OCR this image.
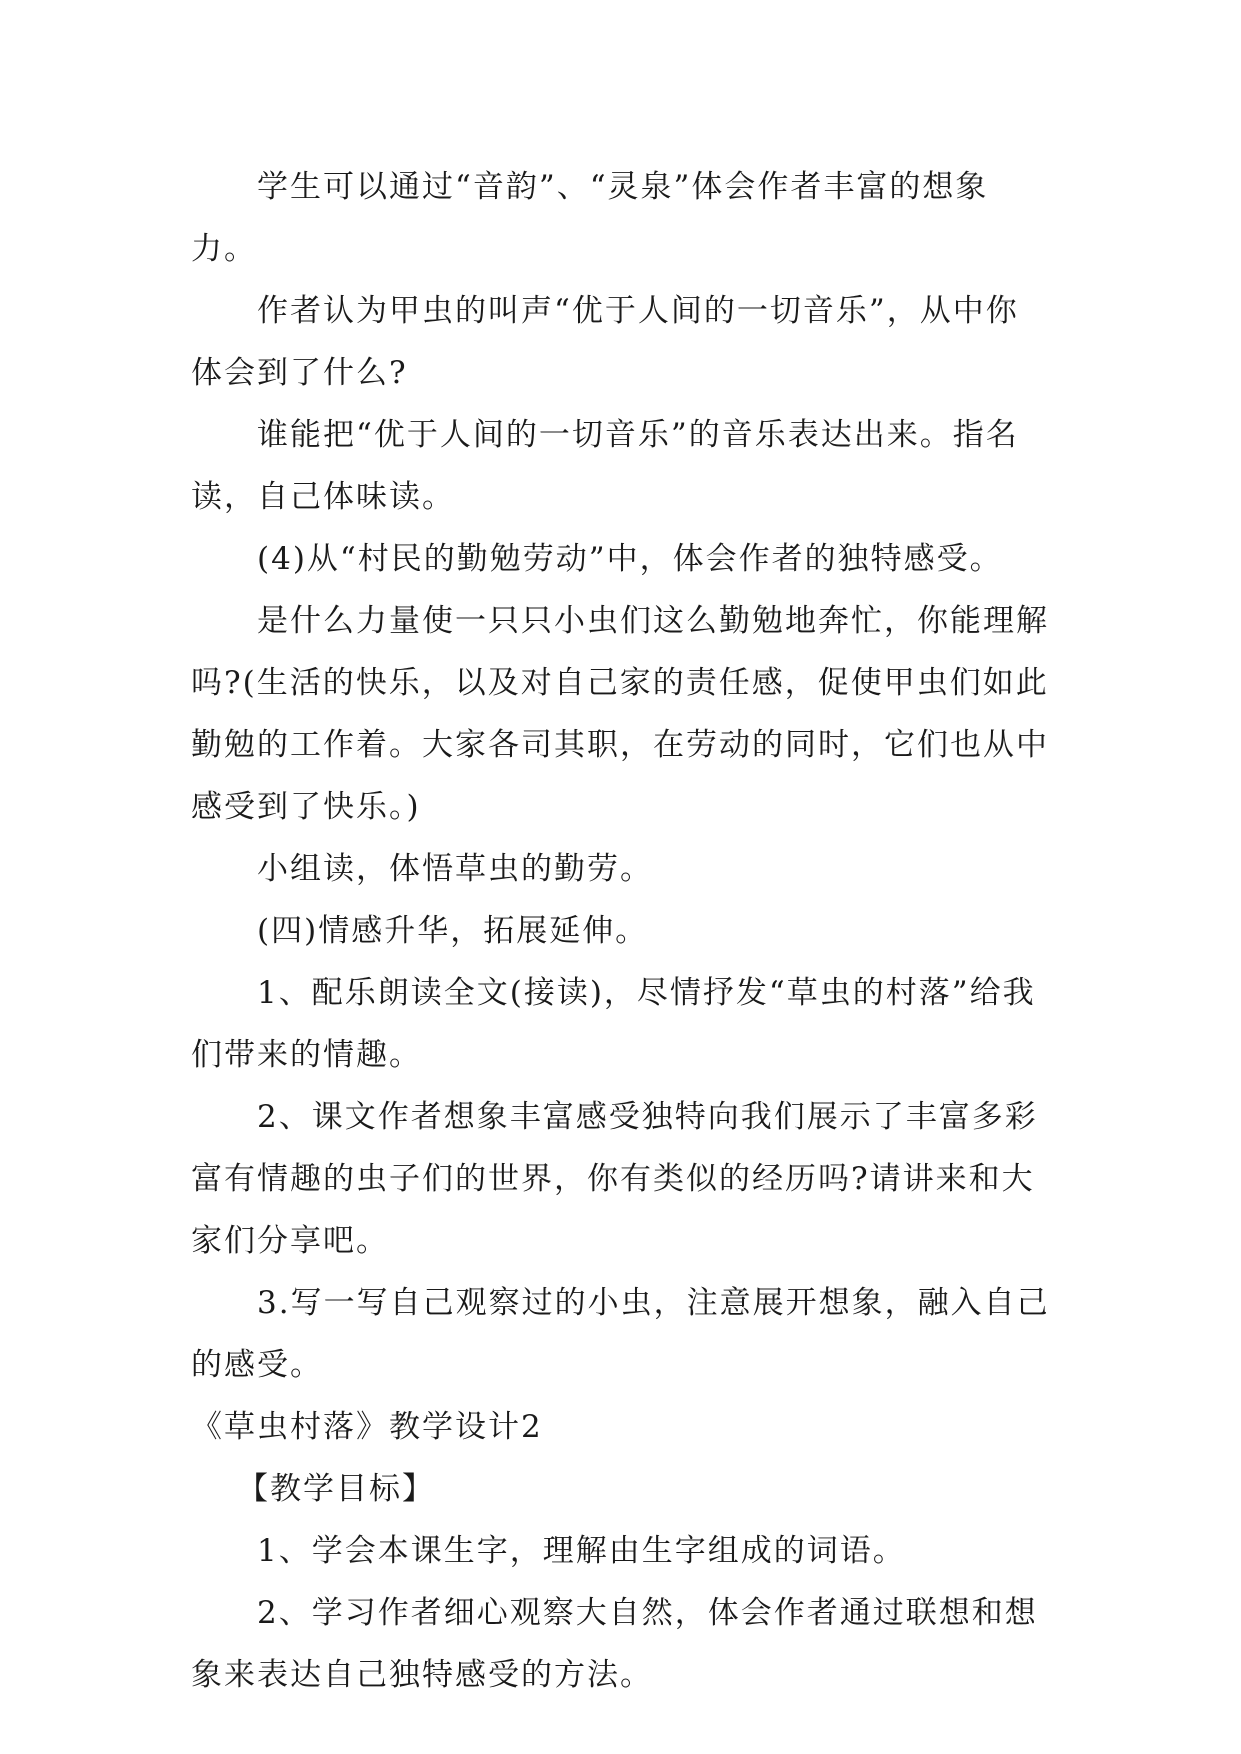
学生可以通过“音韵”、“灵泉”体会作者丰富的想象力。

作者认为甲虫的叫声“优于人间的一切音乐”，从中你体会到了什么?

谁能把“优于人间的一切音乐”的音乐表达出来。指名读，自己体味读。

(4)从“村民的勤勉劳动”中，体会作者的独特感受。

是什么力量使一只只小虫们这么勤勉地奔忙，你能理解吗?(生活的快乐，以及对自己家的责任感，促使甲虫们如此勤勉的工作着。大家各司其职，在劳动的同时，它们也从中感受到了快乐。)

小组读，体悟草虫的勤劳。

(四)情感升华，拓展延伸。

1、配乐朗读全文(接读)，尽情抒发“草虫的村落”给我们带来的情趣。

2、课文作者想象丰富感受独特向我们展示了丰富多彩富有情趣的虫子们的世界，你有类似的经历吗?请讲来和大家们分享吧。

3.写一写自己观察过的小虫，注意展开想象，融入自己的感受。

《草虫村落》教学设计2

【教学目标】

1、学会本课生字，理解由生字组成的词语。

2、学习作者细心观察大自然，体会作者通过联想和想象来表达自己独特感受的方法。
